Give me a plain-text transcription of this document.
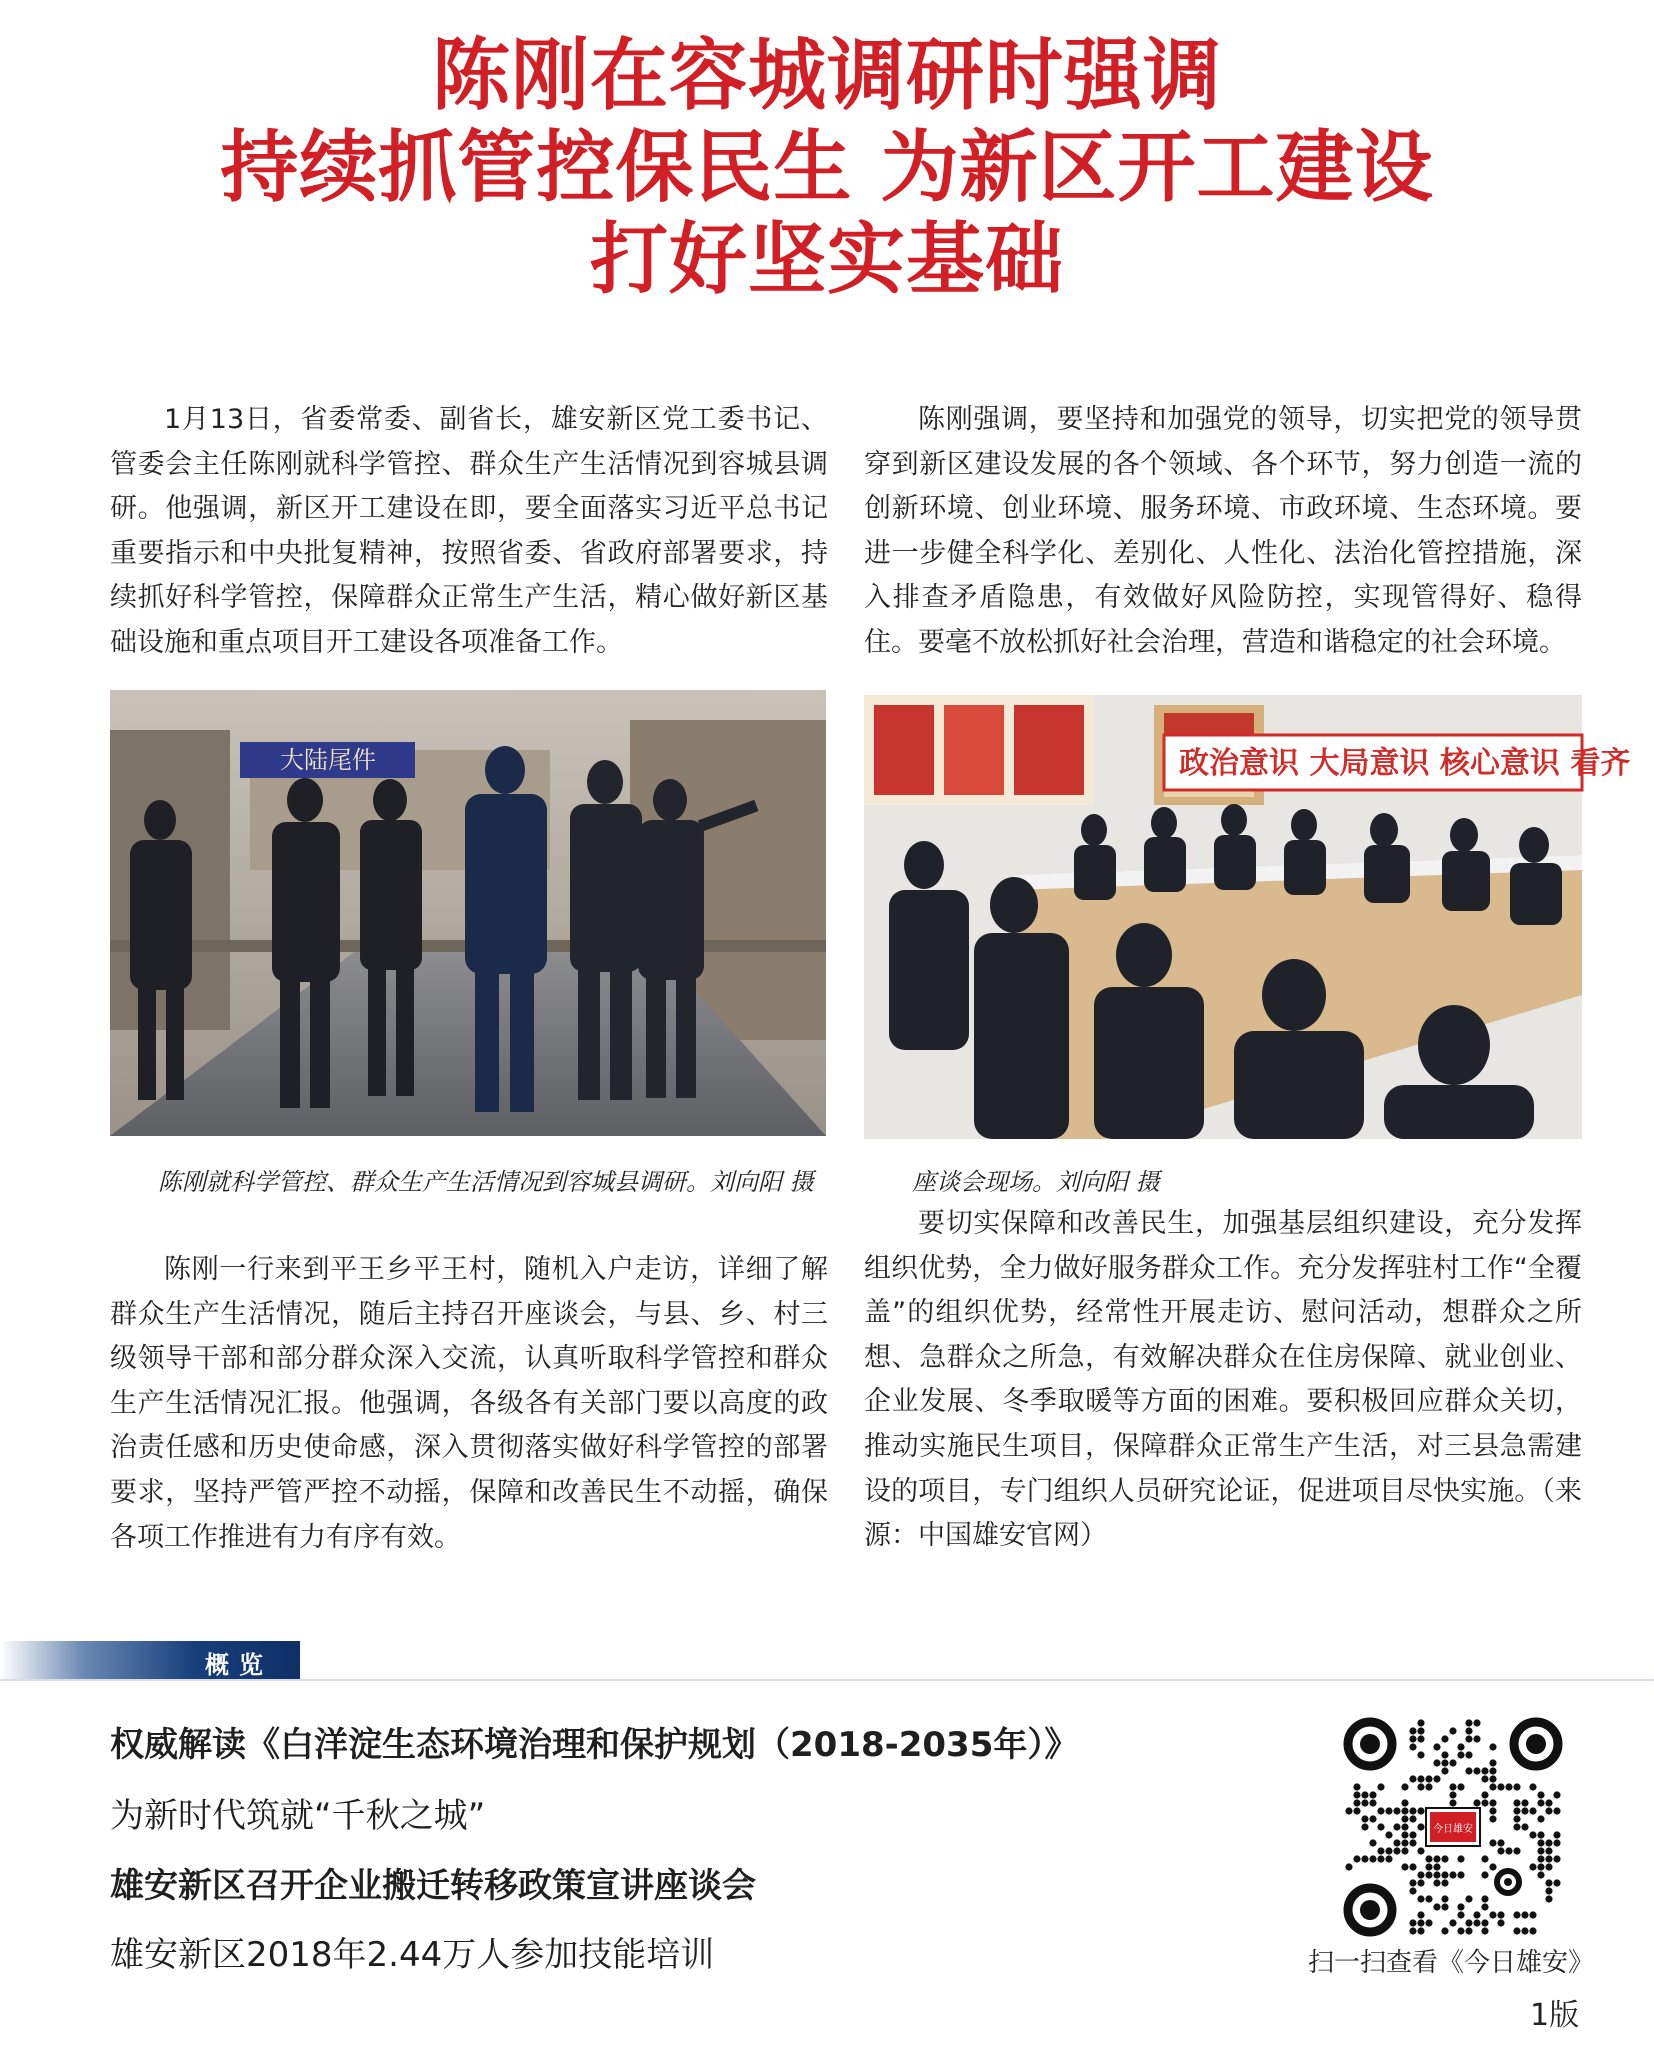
陈刚在容城调研时强调
持续抓管控保民生 为新区开工建设
打好坚实基础

1月13日，省委常委、副省长，雄安新区党工委书记、管委会主任陈刚就科学管控、群众生产生活情况到容城县调研。他强调，新区开工建设在即，要全面落实习近平总书记重要指示和中央批复精神，按照省委、省政府部署要求，持续抓好科学管控，保障群众正常生产生活，精心做好新区基础设施和重点项目开工建设各项准备工作。

大陆尾件
陈刚就科学管控、群众生产生活情况到容城县调研。刘向阳 摄

陈刚一行来到平王乡平王村，随机入户走访，详细了解群众生产生活情况，随后主持召开座谈会，与县、乡、村三级领导干部和部分群众深入交流，认真听取科学管控和群众生产生活情况汇报。他强调，各级各有关部门要以高度的政治责任感和历史使命感，深入贯彻落实做好科学管控的部署要求，坚持严管严控不动摇，保障和改善民生不动摇，确保各项工作推进有力有序有效。

陈刚强调，要坚持和加强党的领导，切实把党的领导贯穿到新区建设发展的各个领域、各个环节，努力创造一流的创新环境、创业环境、服务环境、市政环境、生态环境。要进一步健全科学化、差别化、人性化、法治化管控措施，深入排查矛盾隐患，有效做好风险防控，实现管得好、稳得住。要毫不放松抓好社会治理，营造和谐稳定的社会环境。

政治意识 大局意识 核心意识 看齐
座谈会现场。刘向阳 摄

要切实保障和改善民生，加强基层组织建设，充分发挥组织优势，全力做好服务群众工作。充分发挥驻村工作“全覆盖”的组织优势，经常性开展走访、慰问活动，想群众之所想、急群众之所急，有效解决群众在住房保障、就业创业、企业发展、冬季取暖等方面的困难。要积极回应群众关切，推动实施民生项目，保障群众正常生产生活，对三县急需建设的项目，专门组织人员研究论证，促进项目尽快实施。（来源：中国雄安官网）

概览
权威解读《白洋淀生态环境治理和保护规划（2018-2035年）》
为新时代筑就“千秋之城”
雄安新区召开企业搬迁转移政策宣讲座谈会
雄安新区2018年2.44万人参加技能培训
今日雄安
扫一扫查看《今日雄安》
1版
